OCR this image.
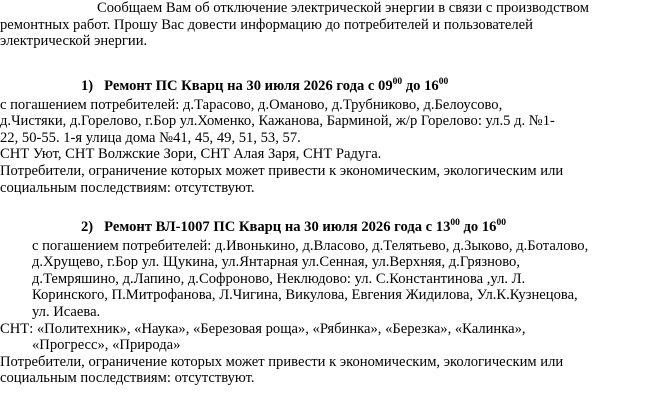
Сообщаем Вам об отключение электрической энергии в связи с производством
ремонтных работ. Прошу Вас довести информацию до потребителей и пользователей
электрической энергии.
1) Ремонт ПС Кварц на 30 июля 2026 года с $09^{00}$ до $16^{00}$
с погашением потребителей: д.Тарасово, д.Оманово, д.Трубниково, д.Белоусово,
д.Чистяки, д.Горелово, г.Бор ул.Хоменко, Кажанова, Барминой, ж/р Горелово: ул.5 д. №1-
22, 50-55. 1-я улица дома №41, 45, 49, 51, 53, 57.
СНТ Уют, СНТ Волжские Зори, СНТ Алая Заря, СНТ Радуга.
Потребители, ограничение которых может привести к экономическим, экологическим или
социальным последствиям: отсутствуют.
2) Ремонт ВЛ-1007 ПС Кварц на 30 июля 2026 года с $13^{00}$ до $16^{00}$
с погашением потребителей: д.Ивонькино, д.Власово, д.Телятьево, д.Зыково, д.Боталово,
д.Хрущево, г.Бор ул. Щукина, ул.Янтарная ул.Сенная, ул.Верхняя, д.Грязново,
д.Темряшино, д.Лапино, д.Софроново, Неклюдово: ул. С.Константинова ,ул. Л.
Коринского, П.Митрофанова, Л.Чигина, Викулова, Евгения Жидилова, Ул.К.Кузнецова,
ул. Исаева.
СНТ: «Политехник», «Наука», «Березовая роща», «Рябинка», «Березка», «Калинка»,
«Прогресс», «Природа»
Потребители, ограничение которых может привести к экономическим, экологическим или
социальным последствиям: отсутствуют.
